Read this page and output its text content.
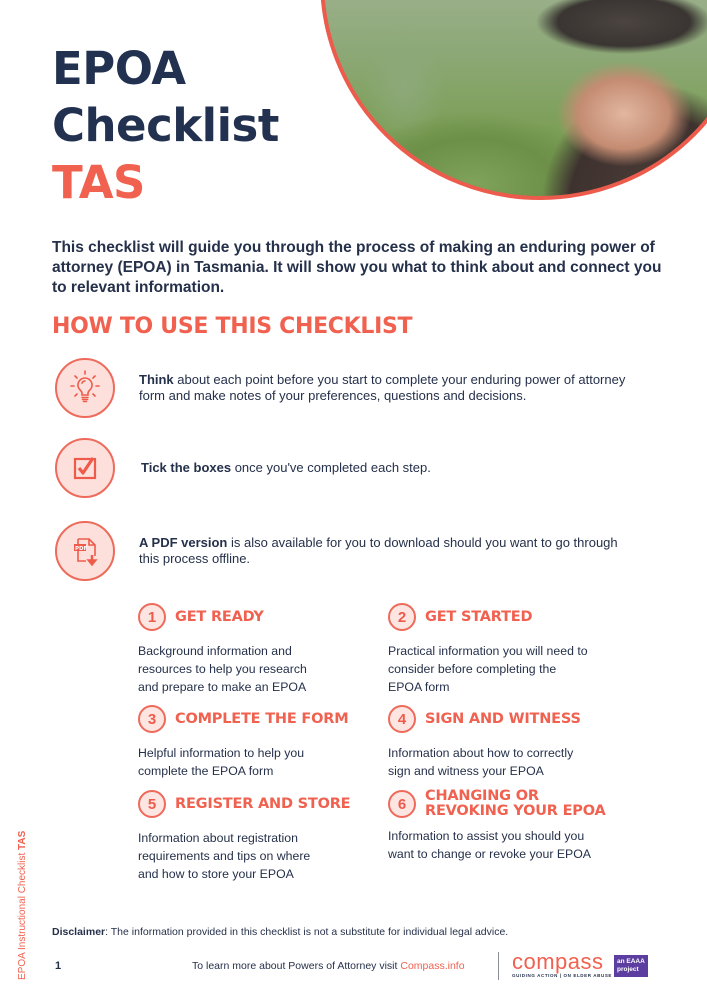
EPOA
Checklist
TAS

This checklist will guide you through the process of making an enduring power of attorney (EPOA) in Tasmania. It will show you what to think about and connect you to relevant information.

HOW TO USE THIS CHECKLIST
Think about each point before you start to complete your enduring power of attorney form and make notes of your preferences, questions and decisions.
Tick the boxes once you've completed each step.
PDF	A PDF version is also available for you to download should you want to go through this process offline.
1	GET READY
Background information and resources to help you research and prepare to make an EPOA
2	GET STARTED
Practical information you will need to consider before completing the EPOA form
3	COMPLETE THE FORM
Helpful information to help you complete the EPOA form
4	SIGN AND WITNESS
Information about how to correctly sign and witness your EPOA
5	REGISTER AND STORE
Information about registration requirements and tips on where and how to store your EPOA
6	CHANGING OR
REVOKING YOUR EPOA
Information to assist you should you want to change or revoke your EPOA
EPOA Instructional Checklist TAS
Disclaimer: The information provided in this checklist is not a substitute for individual legal advice.
1	To learn more about Powers of Attorney visit Compass.info compass
GUIDING ACTION | ON ELDER ABUSE
an EAAA
project
